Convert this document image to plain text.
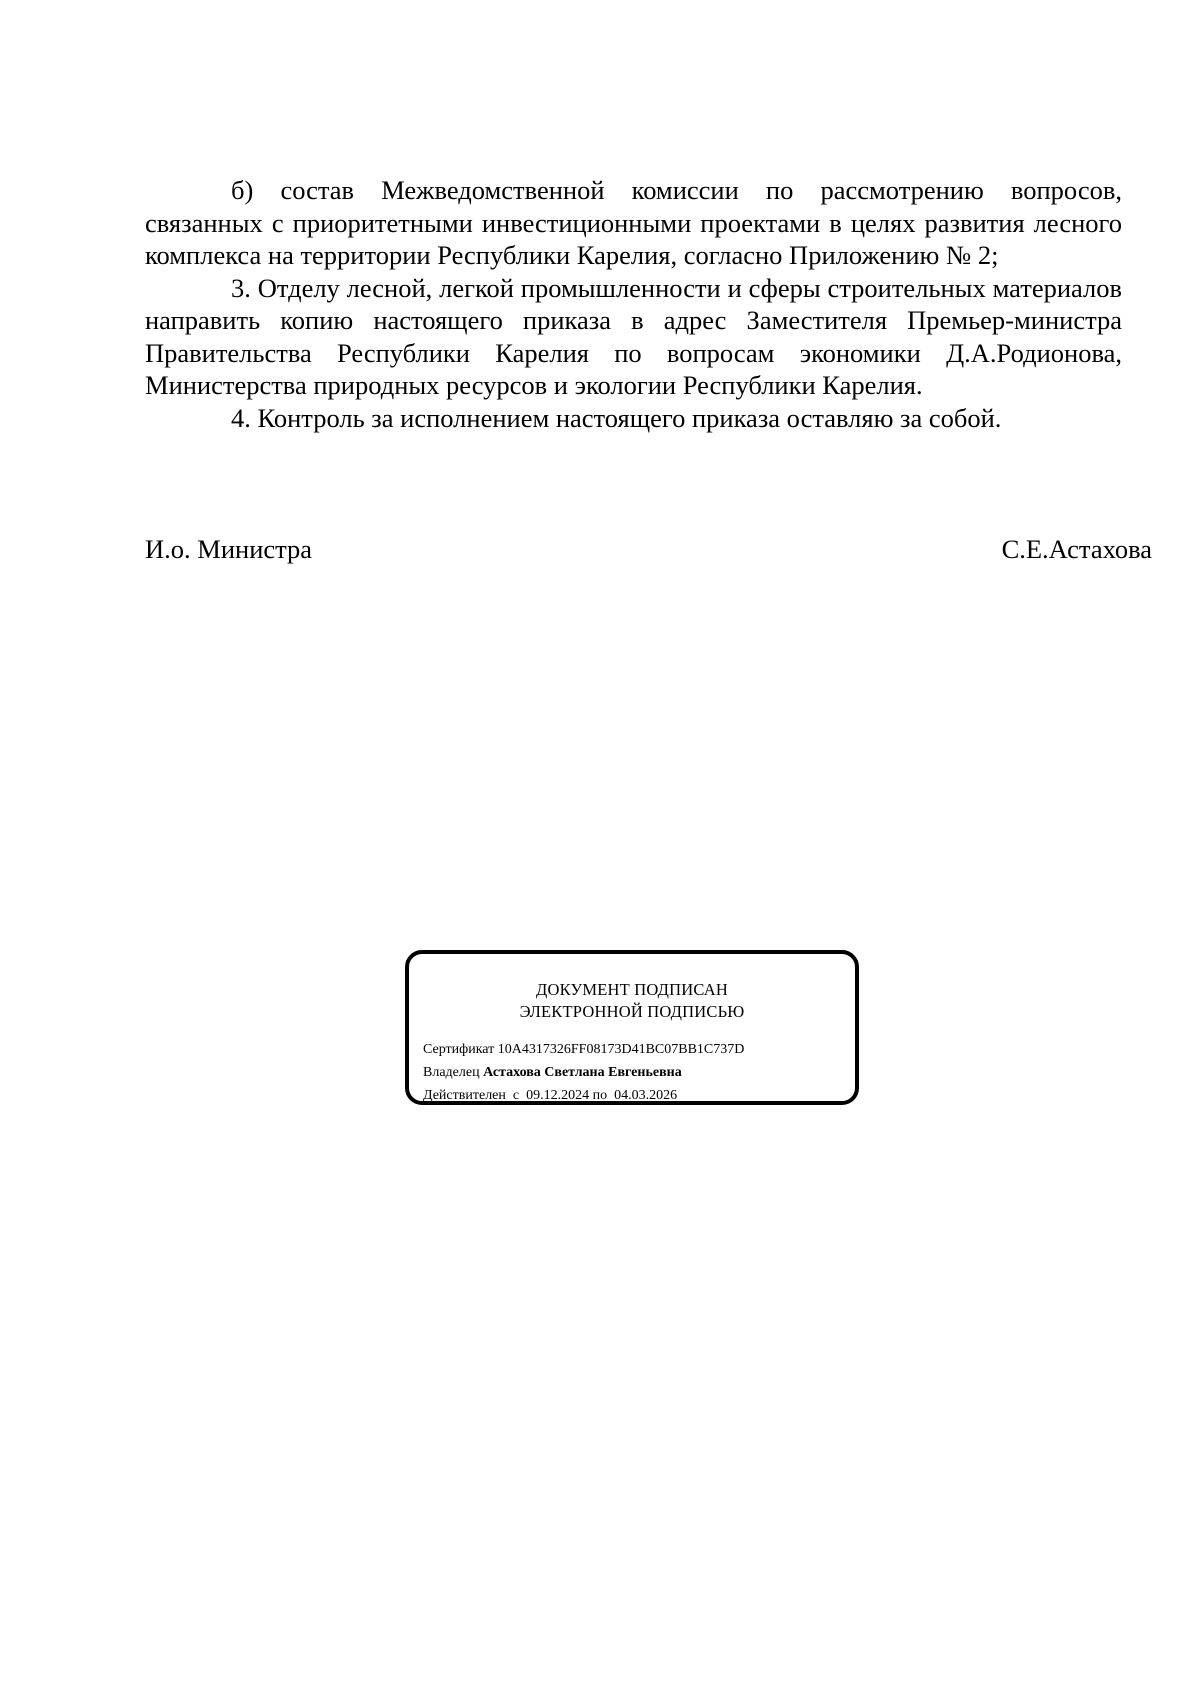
б) состав Межведомственной комиссии по рассмотрению вопросов, связанных с приоритетными инвестиционными проектами в целях развития лесного комплекса на территории Республики Карелия, согласно Приложению № 2;

3. Отделу лесной, легкой промышленности и сферы строительных материалов направить копию настоящего приказа в адрес Заместителя Премьер-министра Правительства Республики Карелия по вопросам экономики Д.А.Родионова, Министерства природных ресурсов и экологии Республики Карелия.

4. Контроль за исполнением настоящего приказа оставляю за собой.

И.о. Министра	С.Е.Астахова
ДОКУМЕНТ ПОДПИСАН
ЭЛЕКТРОННОЙ ПОДПИСЬЮ
Сертификат 10A4317326FF08173D41BC07BB1C737D
Владелец Астахова Светлана Евгеньевна
Действителен с 09.12.2024 по 04.03.2026
